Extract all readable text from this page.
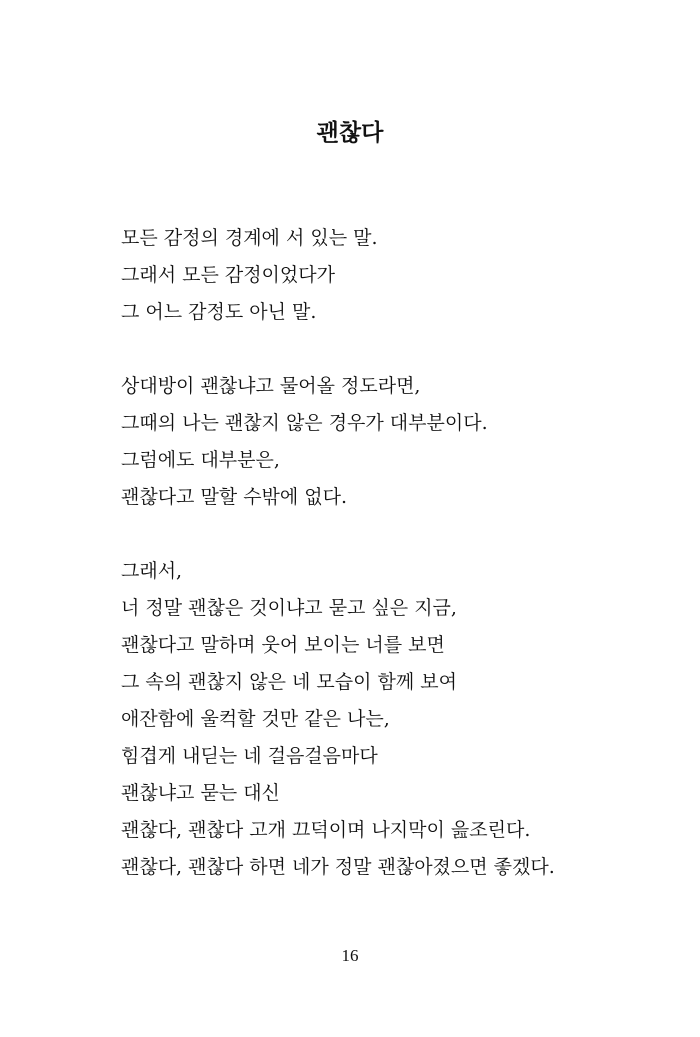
괜찮다
모든 감정의 경계에 서 있는 말.
그래서 모든 감정이었다가
그 어느 감정도 아닌 말.
상대방이 괜찮냐고 물어올 정도라면,
그때의 나는 괜찮지 않은 경우가 대부분이다.
그럼에도 대부분은,
괜찮다고 말할 수밖에 없다.
그래서,
너 정말 괜찮은 것이냐고 묻고 싶은 지금,
괜찮다고 말하며 웃어 보이는 너를 보면
그 속의 괜찮지 않은 네 모습이 함께 보여
애잔함에 울컥할 것만 같은 나는,
힘겹게 내딛는 네 걸음걸음마다
괜찮냐고 묻는 대신
괜찮다, 괜찮다 고개 끄덕이며 나지막이 읊조린다.
괜찮다, 괜찮다 하면 네가 정말 괜찮아졌으면 좋겠다.
16
